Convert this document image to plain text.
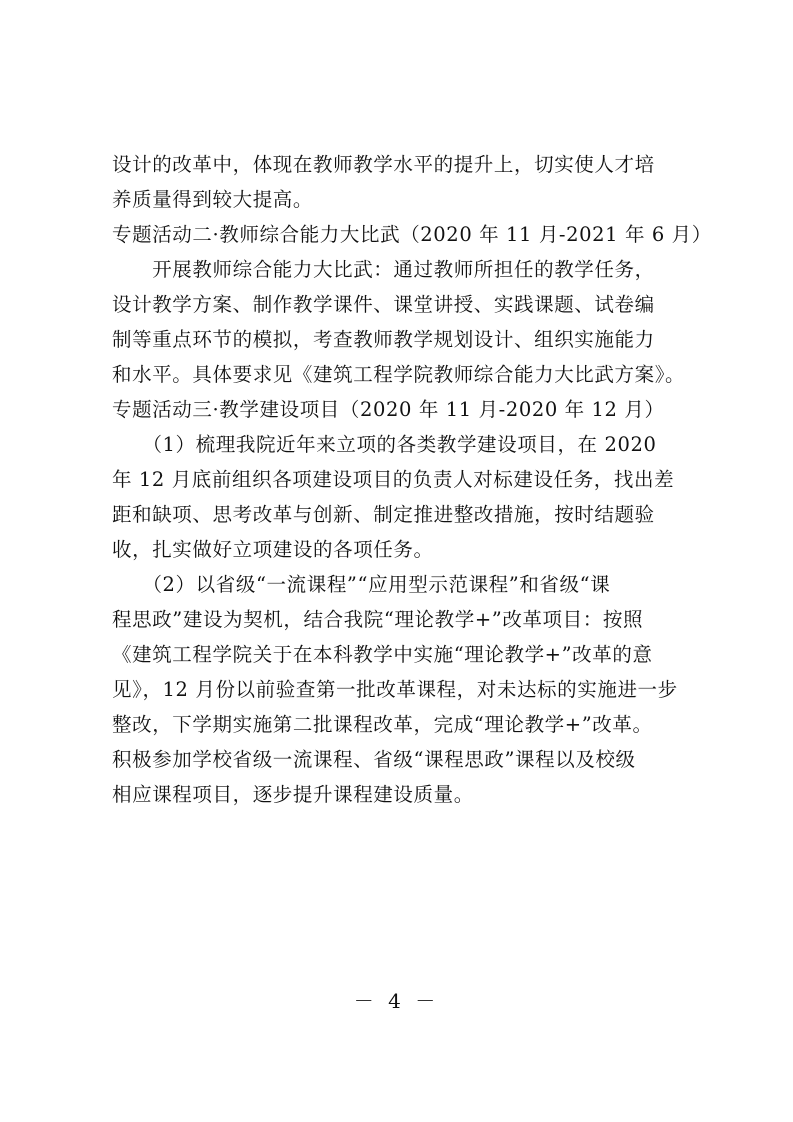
设计的改革中，体现在教师教学水平的提升上，切实使人才培
养质量得到较大提高。
专题活动二·教师综合能力大比武（2020 年 11 月-2021 年 6 月）
　　开展教师综合能力大比武：通过教师所担任的教学任务，
设计教学方案、制作教学课件、课堂讲授、实践课题、试卷编
制等重点环节的模拟，考查教师教学规划设计、组织实施能力
和水平。具体要求见《建筑工程学院教师综合能力大比武方案》。
专题活动三·教学建设项目（2020 年 11 月-2020 年 12 月）
　　（1）梳理我院近年来立项的各类教学建设项目，在 2020
年 12 月底前组织各项建设项目的负责人对标建设任务，找出差
距和缺项、思考改革与创新、制定推进整改措施，按时结题验
收，扎实做好立项建设的各项任务。
　　（2）以省级“一流课程”“应用型示范课程”和省级“课
程思政”建设为契机，结合我院“理论教学+”改革项目：按照
《建筑工程学院关于在本科教学中实施“理论教学+”改革的意
见》，12 月份以前验查第一批改革课程，对未达标的实施进一步
整改，下学期实施第二批课程改革，完成“理论教学+”改革。
积极参加学校省级一流课程、省级“课程思政”课程以及校级
相应课程项目，逐步提升课程建设质量。
－ 4 －
